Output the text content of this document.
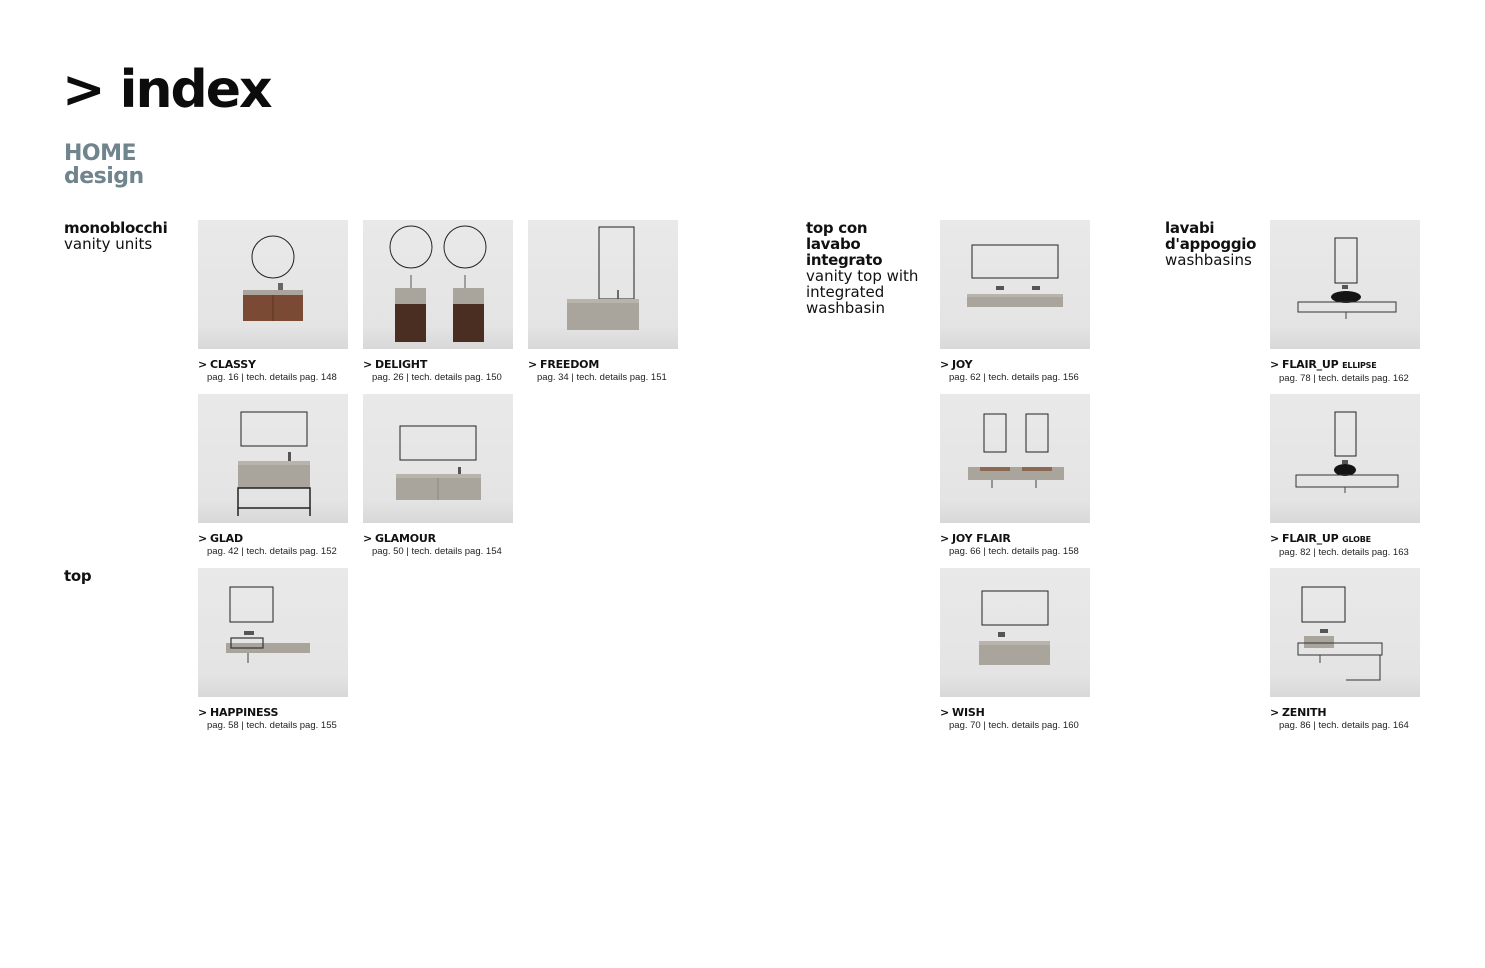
> index
HOME
design
monoblocchi
vanity units
top
top con
lavabo
integrato
vanity top with
integrated
washbasin
lavabi
d'appoggio
washbasins
> CLASSY
pag. 16 | tech. details pag. 148
> DELIGHT
pag. 26 | tech. details pag. 150
> FREEDOM
pag. 34 | tech. details pag. 151
> GLAD
pag. 42 | tech. details pag. 152
> GLAMOUR
pag. 50 | tech. details pag. 154
> HAPPINESS
pag. 58 | tech. details pag. 155
> JOY
pag. 62 | tech. details pag. 156
> JOY FLAIR
pag. 66 | tech. details pag. 158
> WISH
pag. 70 | tech. details pag. 160
> FLAIR_UP ELLIPSE
pag. 78 | tech. details pag. 162
> FLAIR_UP GLOBE
pag. 82 | tech. details pag. 163
> ZENITH
pag. 86 | tech. details pag. 164
